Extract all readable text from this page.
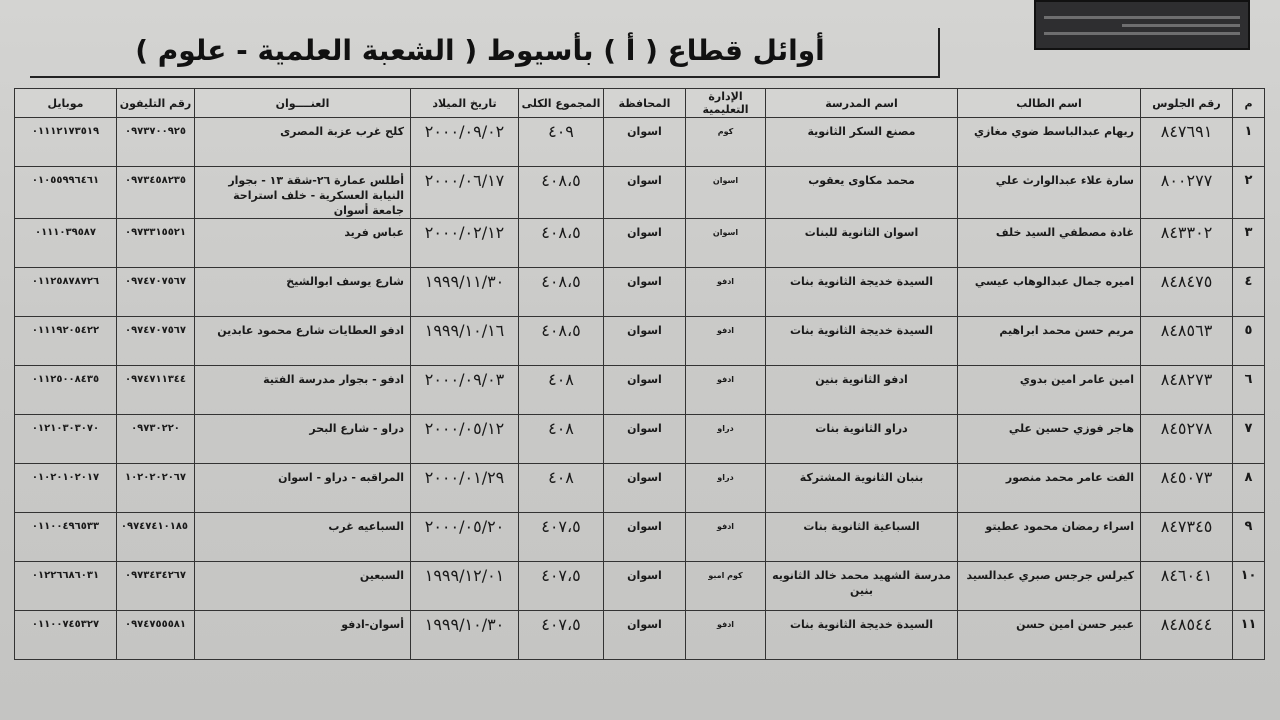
أوائل قطاع ( أ ) بأسيوط ( الشعبة العلمية - علوم )
م	رقم الجلوس	اسم الطالب	اسم المدرسة	الإدارة التعليمية	المحافظة	المجموع الكلى	تاريخ الميلاد	العنــــوان	رقم التليفون	موبايل
١	٨٤٧٦٩١	ريهام عبدالباسط ضوي مغازي	مصنع السكر الثانوية	كوم	اسوان	٤٠٩	٢٠٠٠/٠٩/٠٢	كلح غرب عزبة المصرى	٠٩٧٣٧٠٠٩٢٥	٠١١١٢١٧٣٥١٩
٢	٨٠٠٢٧٧	سارة علاء عبدالوارث علي	محمد مكاوى يعقوب	اسوان	اسوان	٤٠٨،٥	٢٠٠٠/٠٦/١٧	أطلس عمارة ٢٦-شقة ١٣ - بجوار النيابة العسكرية - خلف استراحة جامعة أسوان	٠٩٧٣٤٥٨٢٣٥	٠١٠٥٥٩٩٦٤٦١
٣	٨٤٣٣٠٢	غادة مصطفي السيد خلف	اسوان الثانوية للبنات	اسوان	اسوان	٤٠٨،٥	٢٠٠٠/٠٢/١٢	عباس فريد	٠٩٧٣٣١٥٥٢١	٠١١١٠٣٩٥٨٧
٤	٨٤٨٤٧٥	اميره جمال عبدالوهاب عيسي	السيدة خديجة الثانوية بنات	ادفو	اسوان	٤٠٨،٥	١٩٩٩/١١/٣٠	شارع يوسف ابوالشيخ	٠٩٧٤٧٠٧٥٦٧	٠١١٢٥٨٧٨٧٢٦
٥	٨٤٨٥٦٣	مريم حسن محمد ابراهيم	السيدة خديجة الثانوية بنات	ادفو	اسوان	٤٠٨،٥	١٩٩٩/١٠/١٦	ادفو العطايات شارع محمود عابدين	٠٩٧٤٧٠٧٥٦٧	٠١١١٩٢٠٥٤٢٢
٦	٨٤٨٢٧٣	امين عامر امين بدوي	ادفو الثانوية بنين	ادفو	اسوان	٤٠٨	٢٠٠٠/٠٩/٠٣	ادفو - بجوار مدرسة الفتية	٠٩٧٤٧١١٣٤٤	٠١١٢٥٠٠٨٤٣٥
٧	٨٤٥٢٧٨	هاجر فوزي حسين علي	دراو الثانوية بنات	دراو	اسوان	٤٠٨	٢٠٠٠/٠٥/١٢	دراو - شارع البحر	٠٩٧٣٠٢٢٠	٠١٢١٠٣٠٣٠٧٠
٨	٨٤٥٠٧٣	الفت عامر محمد منصور	بنبان الثانوية المشتركة	دراو	اسوان	٤٠٨	٢٠٠٠/٠١/٢٩	المراقبه - دراو - اسوان	١٠٢٠٢٠٢٠٦٧	٠١٠٢٠١٠٢٠١٧
٩	٨٤٧٣٤٥	اسراء رمضان محمود عطيتو	السباعية الثانوية بنات	ادفو	اسوان	٤٠٧،٥	٢٠٠٠/٠٥/٢٠	السباعيه غرب	٠٩٧٤٧٤١٠١٨٥	٠١١٠٠٤٩٦٥٣٣
١٠	٨٤٦٠٤١	كيرلس جرجس صبري عبدالسيد	مدرسة الشهيد محمد خالد الثانويه بنين	كوم امبو	اسوان	٤٠٧،٥	١٩٩٩/١٢/٠١	السبعين	٠٩٧٣٤٣٤٢٦٧	٠١٢٢٦٦٨٦٠٣١
١١	٨٤٨٥٤٤	عبير حسن امين حسن	السيدة خديجة الثانوية بنات	ادفو	اسوان	٤٠٧،٥	١٩٩٩/١٠/٣٠	أسوان-ادفو	٠٩٧٤٧٥٥٥٨١	٠١١٠٠٧٤٥٣٢٧
